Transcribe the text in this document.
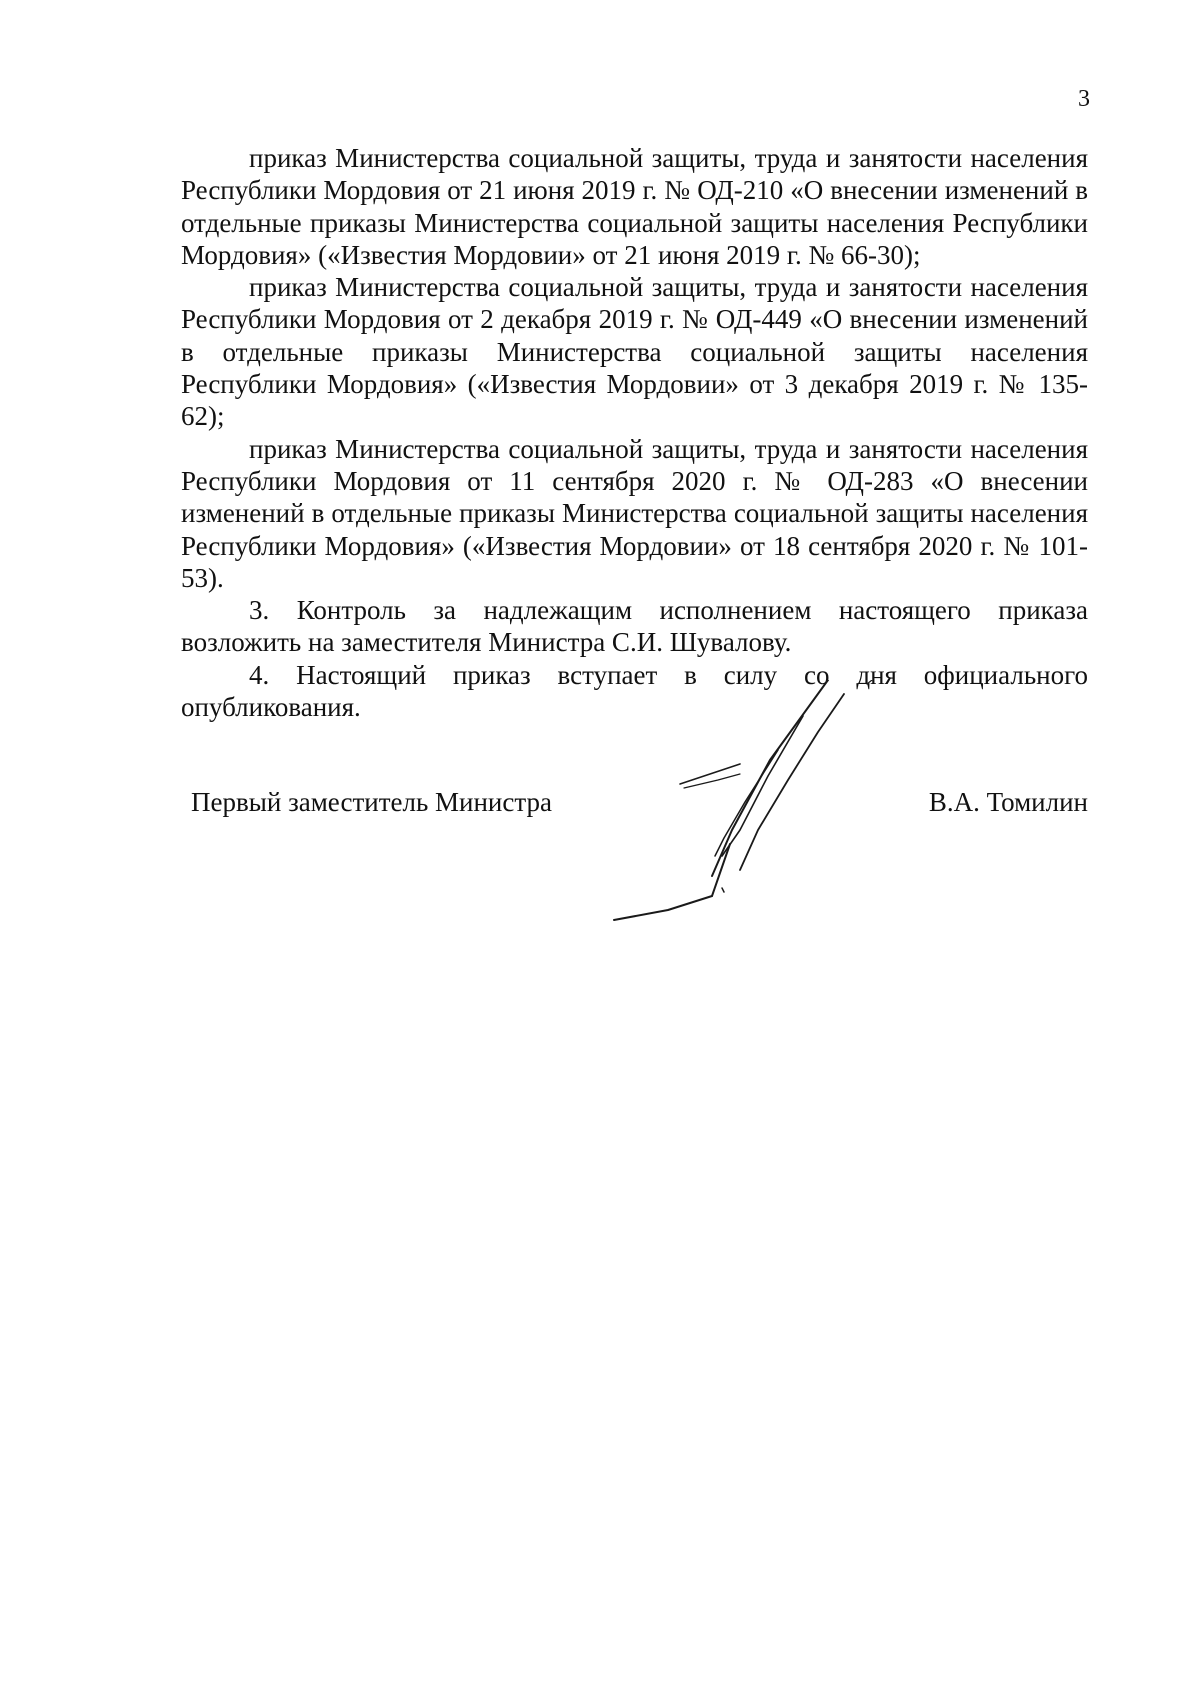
3

приказ Министерства социальной защиты, труда и занятости населения Республики Мордовия от 21 июня 2019 г. № ОД-210 «О внесении изменений в отдельные приказы Министерства социальной защиты населения Республики Мордовия» («Известия Мордовии» от 21 июня 2019 г. № 66-30);

приказ Министерства социальной защиты, труда и занятости населения Республики Мордовия от 2 декабря 2019 г. № ОД-449 «О внесении изменений в отдельные приказы Министерства социальной защиты населения Республики Мордовия» («Известия Мордовии» от 3 декабря 2019 г. № 135-62);

приказ Министерства социальной защиты, труда и занятости населения Республики Мордовия от 11 сентября 2020 г. № ОД-283 «О внесении изменений в отдельные приказы Министерства социальной защиты населения Республики Мордовия» («Известия Мордовии» от 18 сентября 2020 г. № 101-53).

3. Контроль за надлежащим исполнением настоящего приказа возложить на заместителя Министра С.И. Шувалову.

4. Настоящий приказ вступает в силу со дня официального опубликования.

Первый заместитель Министра	В.А. Томилин
